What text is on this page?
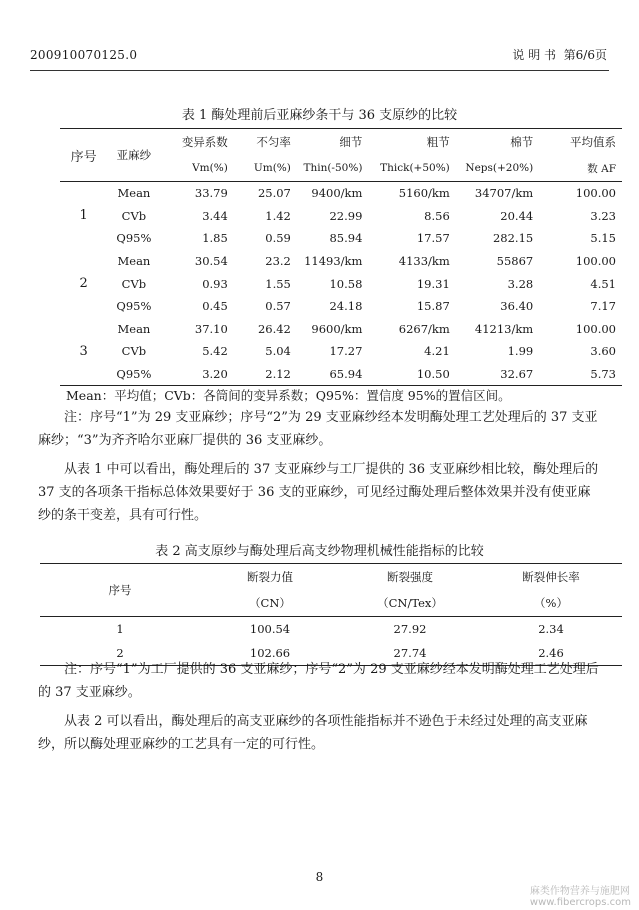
200910070125.0	说 明 书 第6/6页
表 1 酶处理前后亚麻纱条干与 36 支原纱的比较
序号	亚麻纱	变异系数	不匀率	细节	粗节	棉节	平均值系
		Vm(%)	Um(%)	Thin(-50%)	Thick(+50%)	Neps(+20%)	数 AF
1	Mean	33.79	25.07	9400/km	5160/km	34707/km	100.00
	CVb	3.44	1.42	22.99	8.56	20.44	3.23
	Q95%	1.85	0.59	85.94	17.57	282.15	5.15
2	Mean	30.54	23.2	11493/km	4133/km	55867	100.00
	CVb	0.93	1.55	10.58	19.31	3.28	4.51
	Q95%	0.45	0.57	24.18	15.87	36.40	7.17
3	Mean	37.10	26.42	9600/km	6267/km	41213/km	100.00
	CVb	5.42	5.04	17.27	4.21	1.99	3.60
	Q95%	3.20	2.12	65.94	10.50	32.67	5.73
Mean：平均值；CVb：各筒间的变异系数；Q95%：置信度 95%的置信区间。
注：序号“1”为 29 支亚麻纱；序号“2”为 29 支亚麻纱经本发明酶处理工艺处理后的 37 支亚麻纱；“3”为齐齐哈尔亚麻厂提供的 36 支亚麻纱。
从表 1 中可以看出，酶处理后的 37 支亚麻纱与工厂提供的 36 支亚麻纱相比较，酶处理后的 37 支的各项条干指标总体效果要好于 36 支的亚麻纱，可见经过酶处理后整体效果并没有使亚麻纱的条干变差，具有可行性。
表 2 高支原纱与酶处理后高支纱物理机械性能指标的比较
序号	断裂力值	断裂强度	断裂伸长率
	（CN）	（CN/Tex）	（%）
1	100.54	27.92	2.34
2	102.66	27.74	2.46
注：序号“1”为工厂提供的 36 支亚麻纱；序号“2”为 29 支亚麻纱经本发明酶处理工艺处理后的 37 支亚麻纱。
从表 2 可以看出，酶处理后的高支亚麻纱的各项性能指标并不逊色于未经过处理的高支亚麻纱，所以酶处理亚麻纱的工艺具有一定的可行性。
8
麻类作物营养与施肥网
www.fibercrops.com
